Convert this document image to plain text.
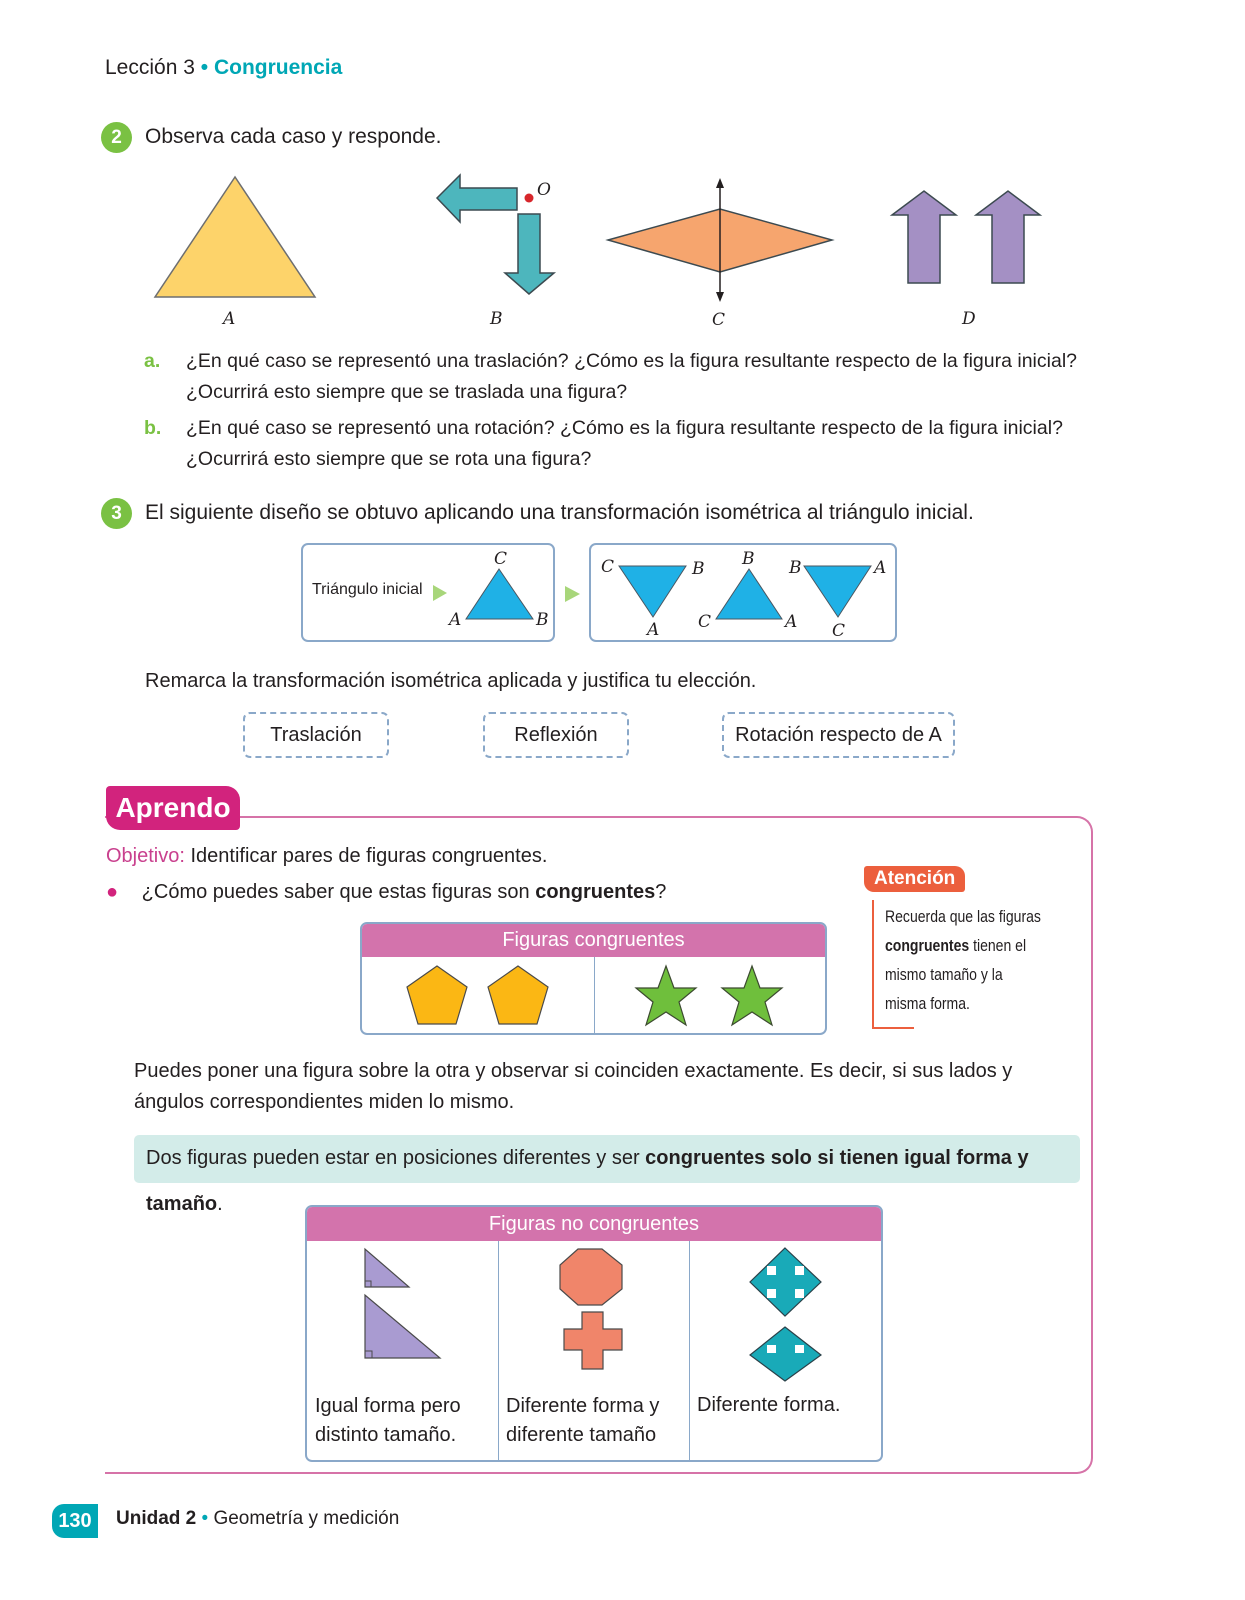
Lección 3 • Congruencia
2	Observa cada caso y responde.
O
A	B	C	D
a. ¿En qué caso se representó una traslación? ¿Cómo es la figura resultante respecto de la figura inicial? ¿Ocurrirá esto siempre que se traslada una figura?
b. ¿En qué caso se representó una rotación? ¿Cómo es la figura resultante respecto de la figura inicial? ¿Ocurrirá esto siempre que se rota una figura?
3	El siguiente diseño se obtuvo aplicando una transformación isométrica al triángulo inicial.
Triángulo inicial
C
A	B
C	B
A
B
C	A
B	A
C
Remarca la transformación isométrica aplicada y justifica tu elección.
Traslación	Reflexión	Rotación respecto de A
Aprendo
Objetivo: Identificar pares de figuras congruentes.
● ¿Cómo puedes saber que estas figuras son congruentes?
Figuras congruentes
Atención
Recuerda que las figuras congruentes tienen el mismo tamaño y la misma forma.
Puedes poner una figura sobre la otra y observar si coinciden exactamente. Es decir, si sus lados y ángulos correspondientes miden lo mismo.
Dos figuras pueden estar en posiciones diferentes y ser congruentes solo si tienen igual forma y tamaño.
Figuras no congruentes
Igual forma pero distinto tamaño.
Diferente forma y diferente tamaño
Diferente forma.
130	Unidad 2 • Geometría y medición
